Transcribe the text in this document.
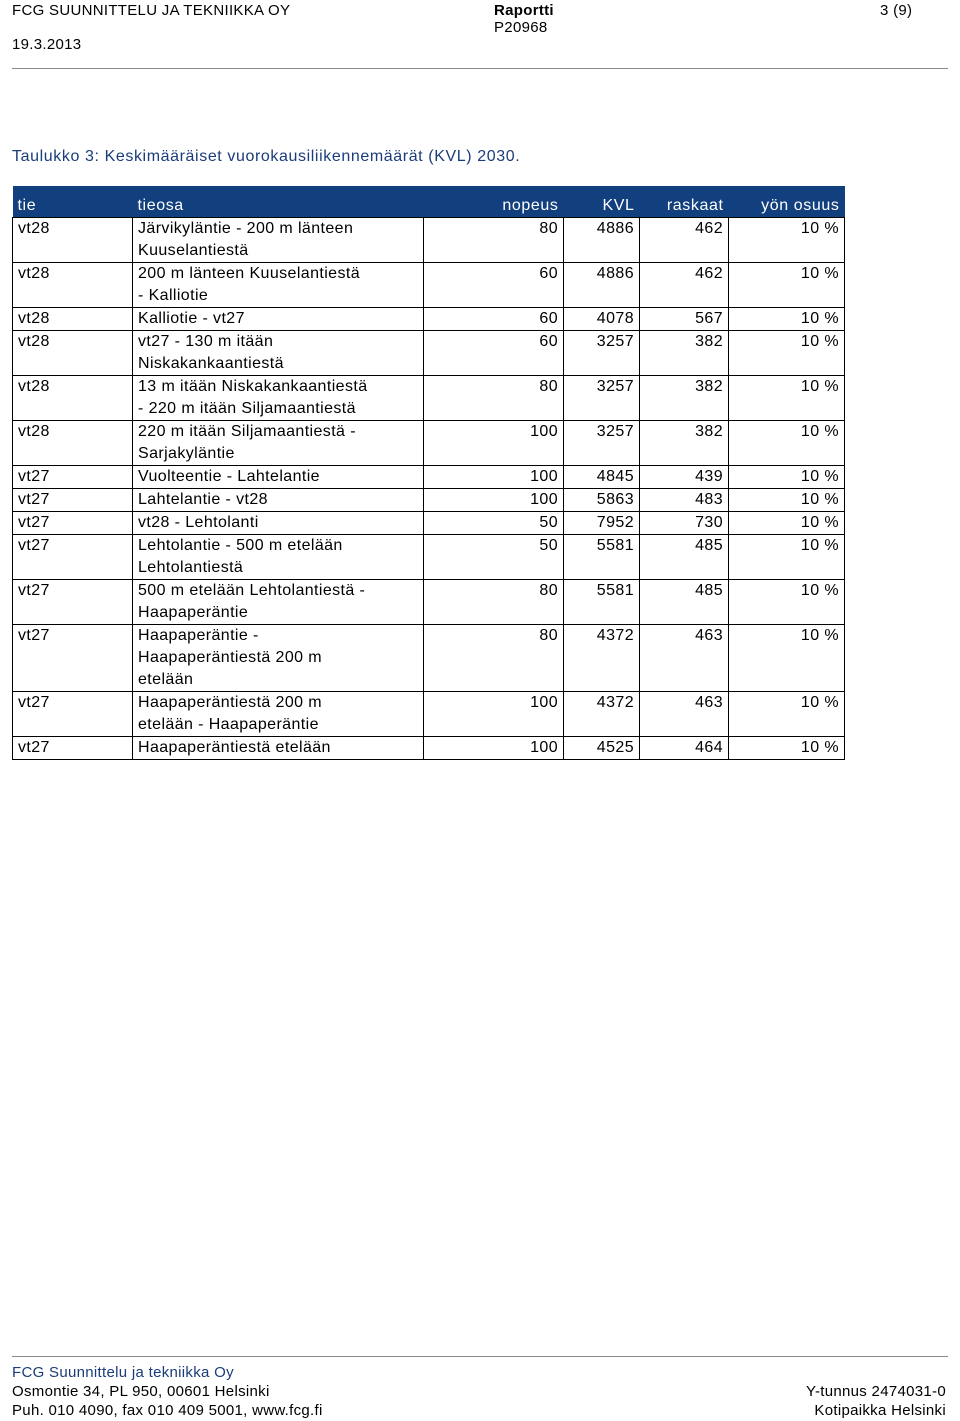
FCG SUUNNITTELU JA TEKNIIKKA OY
19.3.2013
Raportti
P20968
3 (9)
Taulukko 3: Keskimääräiset vuorokausiliikennemäärät (KVL) 2030.
tie	tieosa	nopeus	KVL	raskaat	yön osuus
vt28	Järvikyläntie - 200 m länteen
Kuuselantiestä	80	4886	462	10 %
vt28	200 m länteen Kuuselantiestä
- Kalliotie	60	4886	462	10 %
vt28	Kalliotie - vt27	60	4078	567	10 %
vt28	vt27 - 130 m itään
Niskakankaantiestä	60	3257	382	10 %
vt28	13 m itään Niskakankaantiestä
- 220 m itään Siljamaantiestä	80	3257	382	10 %
vt28	220 m itään Siljamaantiestä -
Sarjakyläntie	100	3257	382	10 %
vt27	Vuolteentie - Lahtelantie	100	4845	439	10 %
vt27	Lahtelantie - vt28	100	5863	483	10 %
vt27	vt28 - Lehtolanti	50	7952	730	10 %
vt27	Lehtolantie - 500 m etelään
Lehtolantiestä	50	5581	485	10 %
vt27	500 m etelään Lehtolantiestä -
Haapaperäntie	80	5581	485	10 %
vt27	Haapaperäntie -
Haapaperäntiestä 200 m
etelään	80	4372	463	10 %
vt27	Haapaperäntiestä 200 m
etelään - Haapaperäntie	100	4372	463	10 %
vt27	Haapaperäntiestä etelään	100	4525	464	10 %
FCG Suunnittelu ja tekniikka Oy
Osmontie 34, PL 950, 00601 Helsinki
Puh. 010 4090, fax 010 409 5001, www.fcg.fi
Y-tunnus 2474031-0
Kotipaikka Helsinki
